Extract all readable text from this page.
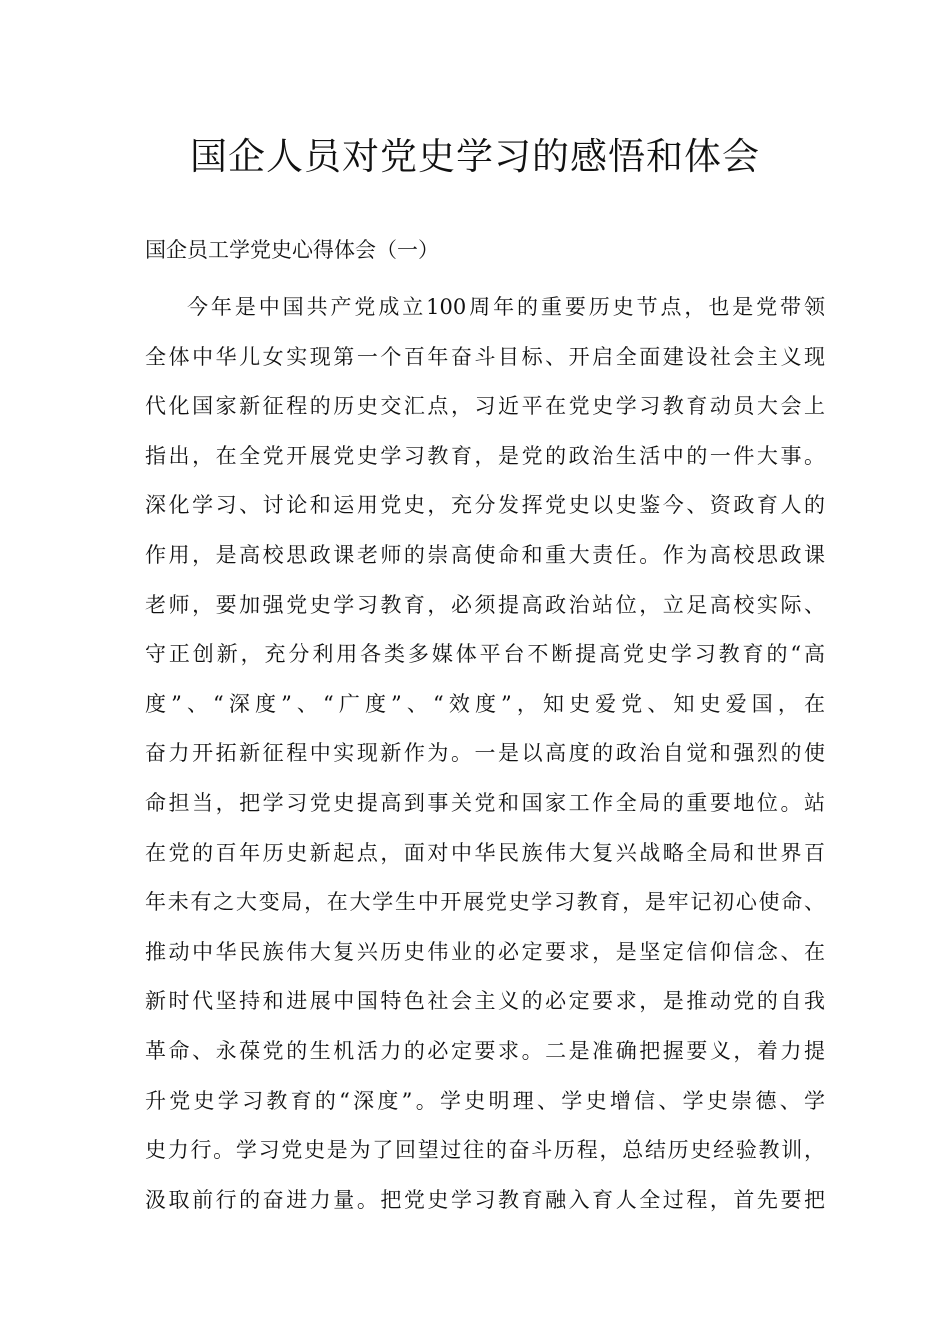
国企人员对党史学习的感悟和体会
国企员工学党史心得体会（一）
今年是中国共产党成立100周年的重要历史节点，也是党带领
全体中华儿女实现第一个百年奋斗目标、开启全面建设社会主义现
代化国家新征程的历史交汇点，习近平在党史学习教育动员大会上
指出，在全党开展党史学习教育，是党的政治生活中的一件大事。
深化学习、讨论和运用党史，充分发挥党史以史鉴今、资政育人的
作用，是高校思政课老师的崇高使命和重大责任。作为高校思政课
老师，要加强党史学习教育，必须提高政治站位，立足高校实际、
守正创新，充分利用各类多媒体平台不断提高党史学习教育的“高
度”、“深度”、“广度”、“效度”，知史爱党、知史爱国，在
奋力开拓新征程中实现新作为。一是以高度的政治自觉和强烈的使
命担当，把学习党史提高到事关党和国家工作全局的重要地位。站
在党的百年历史新起点，面对中华民族伟大复兴战略全局和世界百
年未有之大变局，在大学生中开展党史学习教育，是牢记初心使命、
推动中华民族伟大复兴历史伟业的必定要求，是坚定信仰信念、在
新时代坚持和进展中国特色社会主义的必定要求，是推动党的自我
革命、永葆党的生机活力的必定要求。二是准确把握要义，着力提
升党史学习教育的“深度”。学史明理、学史增信、学史崇德、学
史力行。学习党史是为了回望过往的奋斗历程，总结历史经验教训，
汲取前行的奋进力量。把党史学习教育融入育人全过程，首先要把
